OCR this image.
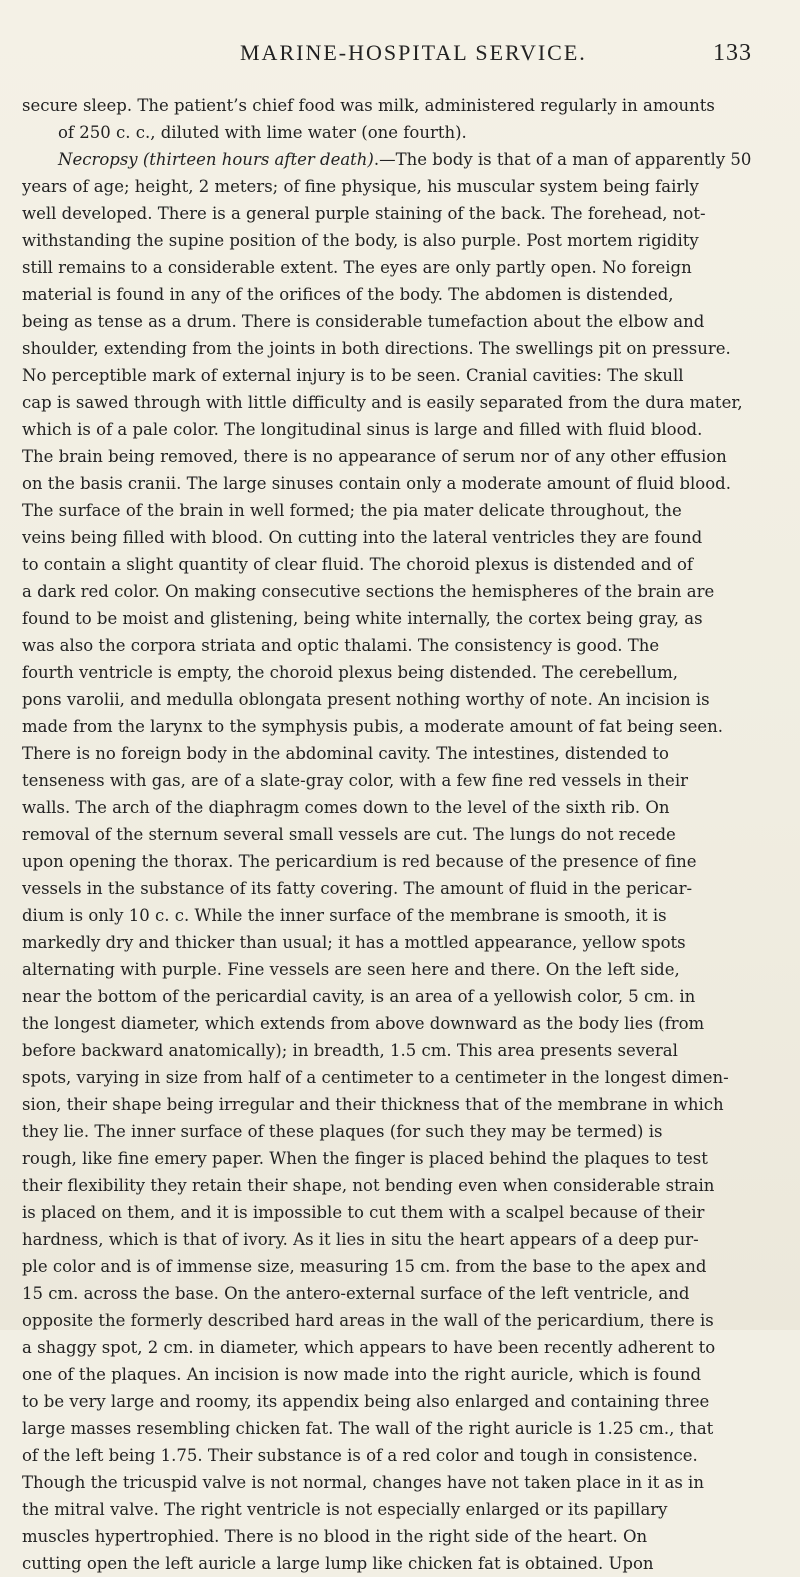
MARINE-HOSPITAL SERVICE.	133
secure sleep. The patient’s chief food was milk, administered regularly in amounts
of 250 c. c., diluted with lime water (one fourth).
Necropsy (thirteen hours after death).—The body is that of a man of apparently 50
years of age; height, 2 meters; of fine physique, his muscular system being fairly
well developed. There is a general purple staining of the back. The forehead, not-
withstanding the supine position of the body, is also purple. Post mortem rigidity
still remains to a considerable extent. The eyes are only partly open. No foreign
material is found in any of the orifices of the body. The abdomen is distended,
being as tense as a drum. There is considerable tumefaction about the elbow and
shoulder, extending from the joints in both directions. The swellings pit on pressure.
No perceptible mark of external injury is to be seen. Cranial cavities: The skull
cap is sawed through with little difficulty and is easily separated from the dura mater,
which is of a pale color. The longitudinal sinus is large and filled with fluid blood.
The brain being removed, there is no appearance of serum nor of any other effusion
on the basis cranii. The large sinuses contain only a moderate amount of fluid blood.
The surface of the brain in well formed; the pia mater delicate throughout, the
veins being filled with blood. On cutting into the lateral ventricles they are found
to contain a slight quantity of clear fluid. The choroid plexus is distended and of
a dark red color. On making consecutive sections the hemispheres of the brain are
found to be moist and glistening, being white internally, the cortex being gray, as
was also the corpora striata and optic thalami. The consistency is good. The
fourth ventricle is empty, the choroid plexus being distended. The cerebellum,
pons varolii, and medulla oblongata present nothing worthy of note. An incision is
made from the larynx to the symphysis pubis, a moderate amount of fat being seen.
There is no foreign body in the abdominal cavity. The intestines, distended to
tenseness with gas, are of a slate-gray color, with a few fine red vessels in their
walls. The arch of the diaphragm comes down to the level of the sixth rib. On
removal of the sternum several small vessels are cut. The lungs do not recede
upon opening the thorax. The pericardium is red because of the presence of fine
vessels in the substance of its fatty covering. The amount of fluid in the pericar-
dium is only 10 c. c. While the inner surface of the membrane is smooth, it is
markedly dry and thicker than usual; it has a mottled appearance, yellow spots
alternating with purple. Fine vessels are seen here and there. On the left side,
near the bottom of the pericardial cavity, is an area of a yellowish color, 5 cm. in
the longest diameter, which extends from above downward as the body lies (from
before backward anatomically); in breadth, 1.5 cm. This area presents several
spots, varying in size from half of a centimeter to a centimeter in the longest dimen-
sion, their shape being irregular and their thickness that of the membrane in which
they lie. The inner surface of these plaques (for such they may be termed) is
rough, like fine emery paper. When the finger is placed behind the plaques to test
their flexibility they retain their shape, not bending even when considerable strain
is placed on them, and it is impossible to cut them with a scalpel because of their
hardness, which is that of ivory. As it lies in situ the heart appears of a deep pur-
ple color and is of immense size, measuring 15 cm. from the base to the apex and
15 cm. across the base. On the antero-external surface of the left ventricle, and
opposite the formerly described hard areas in the wall of the pericardium, there is
a shaggy spot, 2 cm. in diameter, which appears to have been recently adherent to
one of the plaques. An incision is now made into the right auricle, which is found
to be very large and roomy, its appendix being also enlarged and containing three
large masses resembling chicken fat. The wall of the right auricle is 1.25 cm., that
of the left being 1.75. Their substance is of a red color and tough in consistence.
Though the tricuspid valve is not normal, changes have not taken place in it as in
the mitral valve. The right ventricle is not especially enlarged or its papillary
muscles hypertrophied. There is no blood in the right side of the heart. On
cutting open the left auricle a large lump like chicken fat is obtained. Upon
